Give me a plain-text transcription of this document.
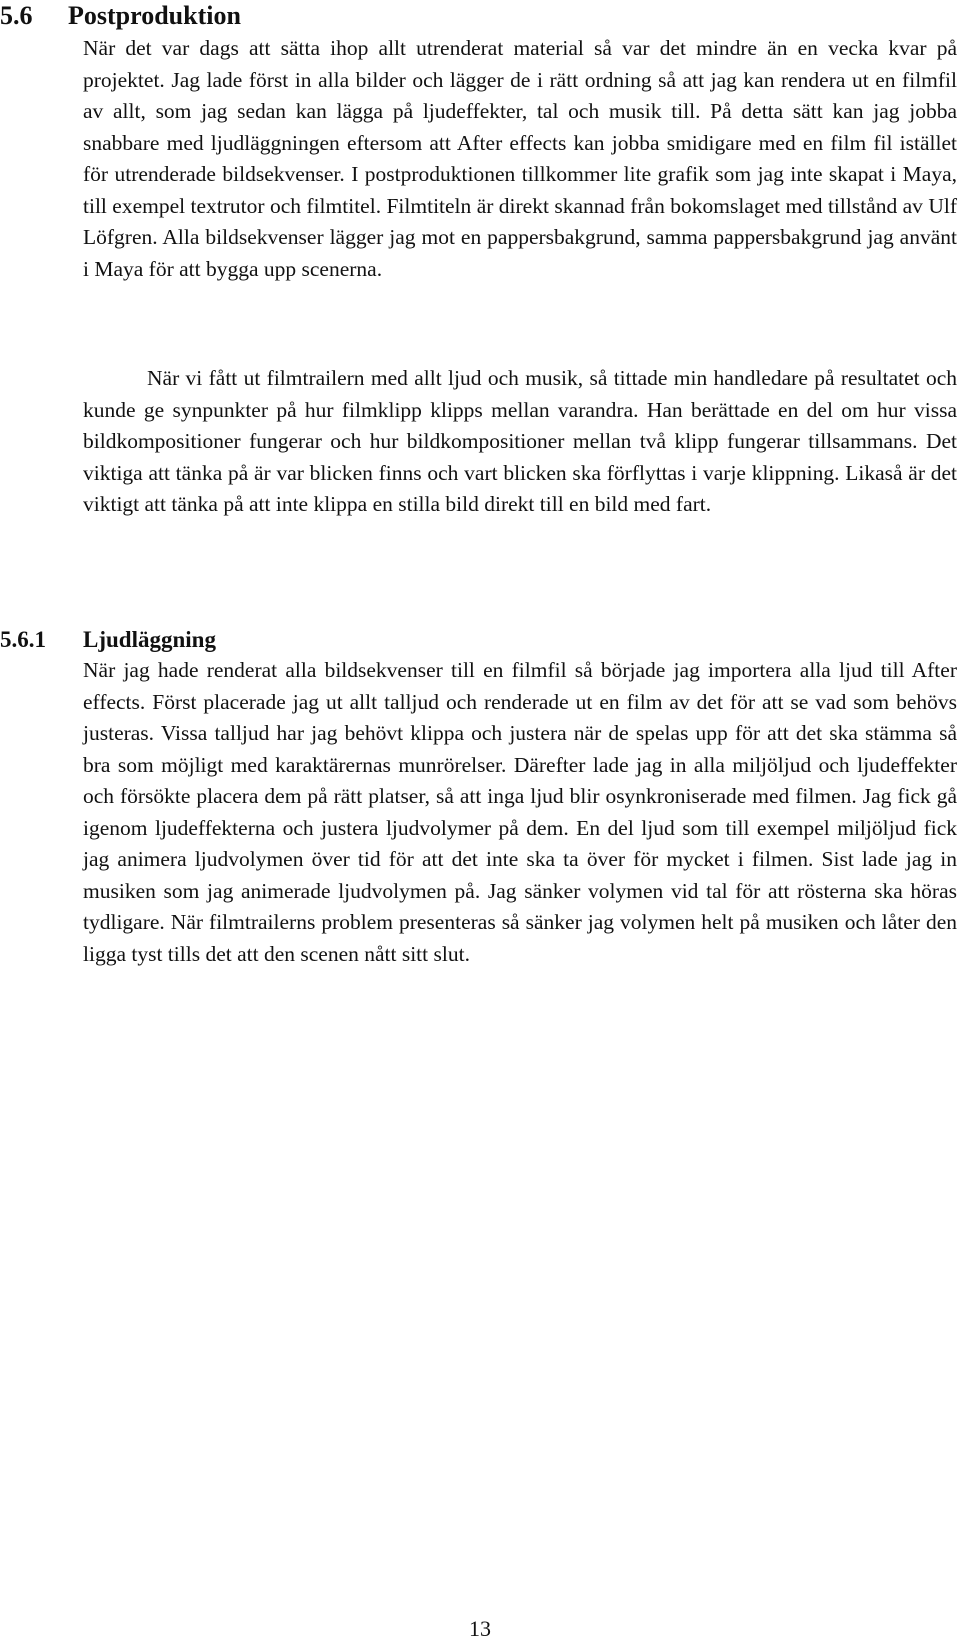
5.6 Postproduktion

När det var dags att sätta ihop allt utrenderat material så var det mindre än en vecka kvar på projektet. Jag lade först in alla bilder och lägger de i rätt ordning så att jag kan rendera ut en filmfil av allt, som jag sedan kan lägga på ljudeffekter, tal och musik till. På detta sätt kan jag jobba snabbare med ljudläggningen eftersom att After effects kan jobba smidigare med en film fil istället för utrenderade bildsekvenser. I postproduktionen tillkommer lite grafik som jag inte skapat i Maya, till exempel textrutor och filmtitel. Filmtiteln är direkt skannad från bokomslaget med tillstånd av Ulf Löfgren. Alla bildsekvenser lägger jag mot en pappersbakgrund, samma pappersbakgrund jag använt i Maya för att bygga upp scenerna.

När vi fått ut filmtrailern med allt ljud och musik, så tittade min handledare på resultatet och kunde ge synpunkter på hur filmklipp klipps mellan varandra. Han berättade en del om hur vissa bildkompositioner fungerar och hur bildkompositioner mellan två klipp fungerar tillsammans. Det viktiga att tänka på är var blicken finns och vart blicken ska förflyttas i varje klippning. Likaså är det viktigt att tänka på att inte klippa en stilla bild direkt till en bild med fart.

5.6.1 Ljudläggning

När jag hade renderat alla bildsekvenser till en filmfil så började jag importera alla ljud till After effects. Först placerade jag ut allt talljud och renderade ut en film av det för att se vad som behövs justeras. Vissa talljud har jag behövt klippa och justera när de spelas upp för att det ska stämma så bra som möjligt med karaktärernas munrörelser. Därefter lade jag in alla miljöljud och ljudeffekter och försökte placera dem på rätt platser, så att inga ljud blir osynkroniserade med filmen. Jag fick gå igenom ljudeffekterna och justera ljudvolymer på dem. En del ljud som till exempel miljöljud fick jag animera ljudvolymen över tid för att det inte ska ta över för mycket i filmen. Sist lade jag in musiken som jag animerade ljudvolymen på. Jag sänker volymen vid tal för att rösterna ska höras tydligare. När filmtrailerns problem presenteras så sänker jag volymen helt på musiken och låter den ligga tyst tills det att den scenen nått sitt slut.

13
